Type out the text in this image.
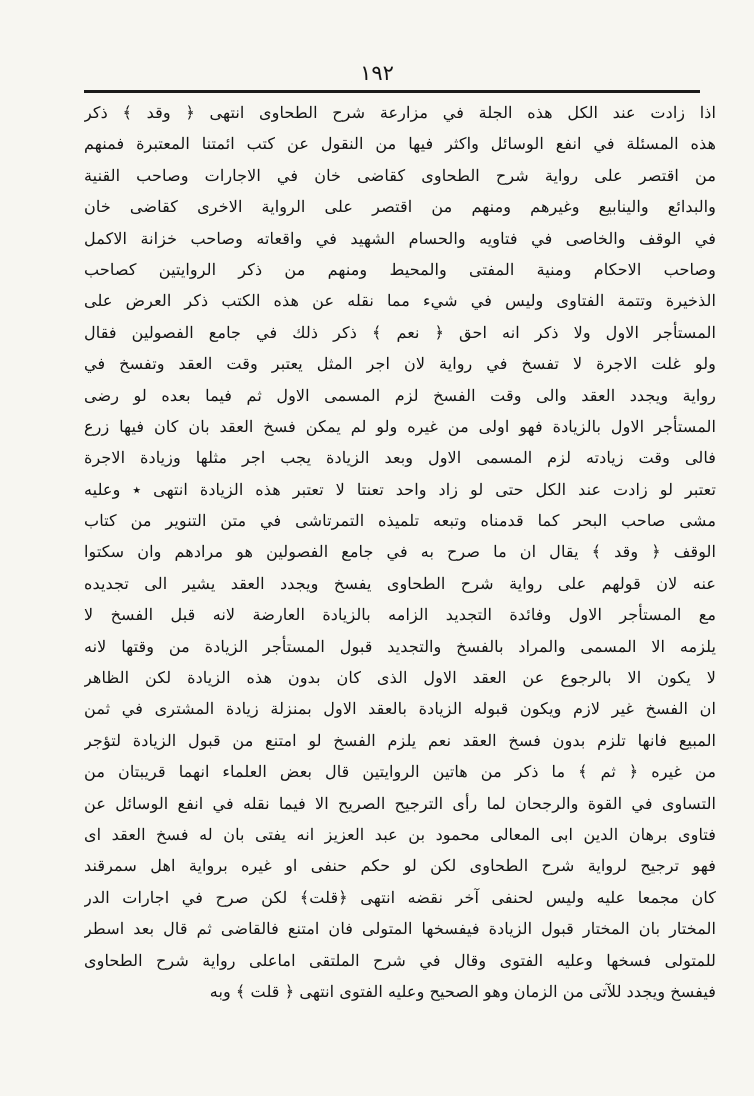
١٩٢
اذا زادت عند الكل هذه الجلة في مزارعة شرح الطحاوى انتهى ﴿ وقد ﴾ ذكر
هذه المسئلة في انفع الوسائل واكثر فيها من النقول عن كتب ائمتنا المعتبرة فمنهم
من اقتصر على رواية شرح الطحاوى كقاضى خان في الاجارات وصاحب القنية
والبدائع والينابيع وغيرهم ومنهم من اقتصر على الرواية الاخرى كقاضى خان
في الوقف والخاصى في فتاويه والحسام الشهيد في واقعاته وصاحب خزانة الاكمل
وصاحب الاحكام ومنية المفتى والمحيط ومنهم من ذكر الروايتين كصاحب
الذخيرة وتتمة الفتاوى وليس في شيء مما نقله عن هذه الكتب ذكر العرض على
المستأجر الاول ولا ذكر انه احق ﴿ نعم ﴾ ذكر ذلك في جامع الفصولين فقال
ولو غلت الاجرة لا تفسخ في رواية لان اجر المثل يعتبر وقت العقد وتفسخ في
رواية ويجدد العقد والى وقت الفسخ لزم المسمى الاول ثم فيما بعده لو رضى
المستأجر الاول بالزيادة فهو اولى من غيره ولو لم يمكن فسخ العقد بان كان فيها زرع
فالى وقت زيادته لزم المسمى الاول وبعد الزيادة يجب اجر مثلها وزيادة الاجرة
تعتبر لو زادت عند الكل حتى لو زاد واحد تعنتا لا تعتبر هذه الزيادة انتهى ٭ وعليه
مشى صاحب البحر كما قدمناه وتبعه تلميذه التمرتاشى في متن التنوير من كتاب
الوقف ﴿ وقد ﴾ يقال ان ما صرح به في جامع الفصولين هو مرادهم وان سكتوا
عنه لان قولهم على رواية شرح الطحاوى يفسخ ويجدد العقد يشير الى تجديده
مع المستأجر الاول وفائدة التجديد الزامه بالزيادة العارضة لانه قبل الفسخ لا
يلزمه الا المسمى والمراد بالفسخ والتجديد قبول المستأجر الزيادة من وقتها لانه
لا يكون الا بالرجوع عن العقد الاول الذى كان بدون هذه الزيادة لكن الظاهر
ان الفسخ غير لازم ويكون قبوله الزيادة بالعقد الاول بمنزلة زيادة المشترى في ثمن
المبيع فانها تلزم بدون فسخ العقد نعم يلزم الفسخ لو امتنع من قبول الزيادة لتؤجر
من غيره ﴿ ثم ﴾ ما ذكر من هاتين الروايتين قال بعض العلماء انهما قريبتان من
التساوى في القوة والرجحان لما رأى الترجيح الصريح الا فيما نقله في انفع الوسائل عن
فتاوى برهان الدين ابى المعالى محمود بن عبد العزيز انه يفتى بان له فسخ العقد اى
فهو ترجيح لرواية شرح الطحاوى لكن لو حكم حنفى او غيره برواية اهل سمرقند
كان مجمعا عليه وليس لحنفى آخر نقضه انتهى ﴿قلت﴾ لكن صرح في اجارات الدر
المختار بان المختار قبول الزيادة فيفسخها المتولى فان امتنع فالقاضى ثم قال بعد اسطر
للمتولى فسخها وعليه الفتوى وقال في شرح الملتقى اماعلى رواية شرح الطحاوى
فيفسخ ويجدد للآتى من الزمان وهو الصحيح وعليه الفتوى انتهى ﴿ قلت ﴾ وبه
